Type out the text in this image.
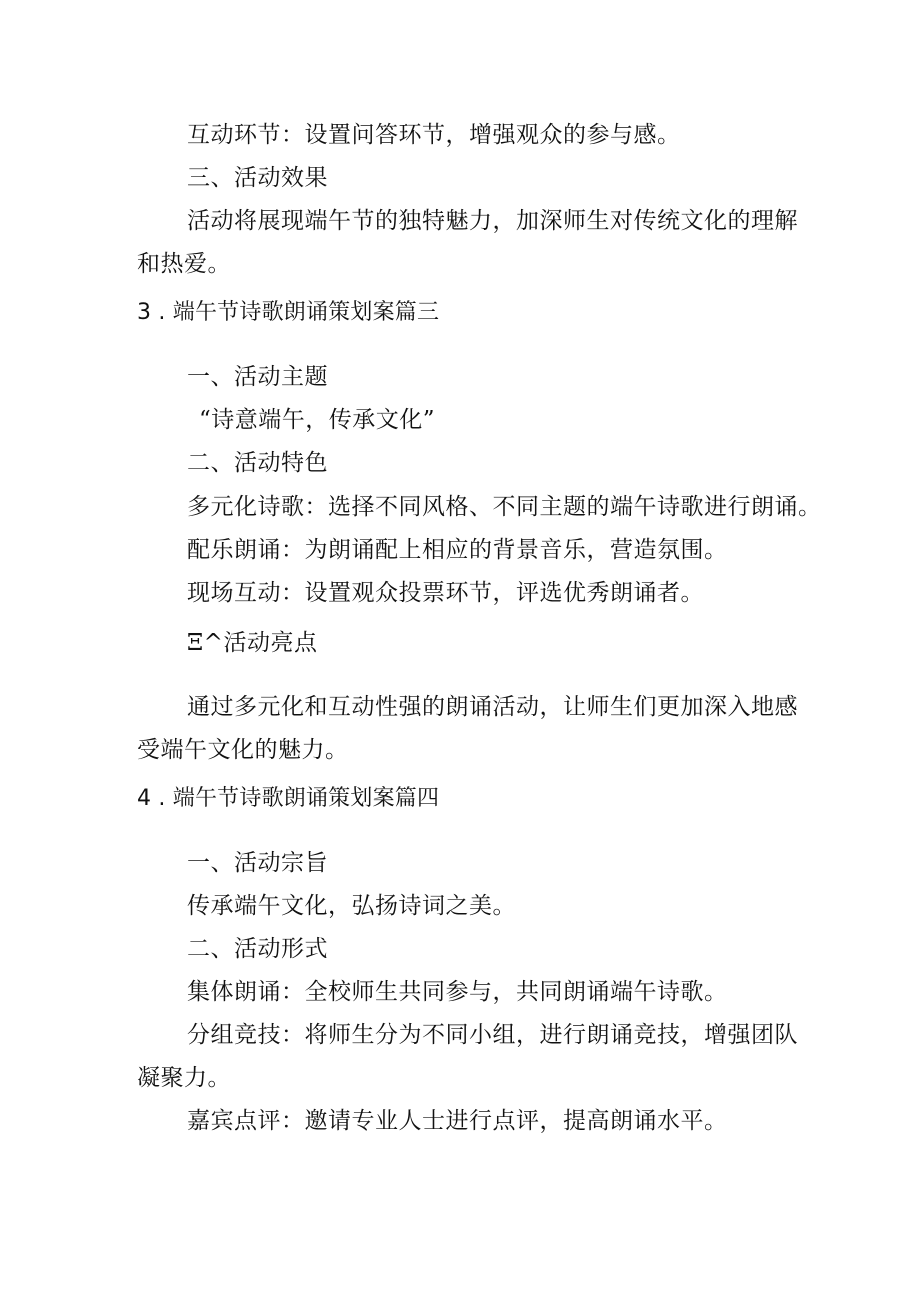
互动环节：设置问答环节，增强观众的参与感。
三、活动效果
活动将展现端午节的独特魅力，加深师生对传统文化的理解
和热爱。
3 . 端午节诗歌朗诵策划案篇三
一、活动主题
“诗意端午，传承文化”
二、活动特色
多元化诗歌：选择不同风格、不同主题的端午诗歌进行朗诵。
配乐朗诵：为朗诵配上相应的背景音乐，营造氛围。
现场互动：设置观众投票环节，评选优秀朗诵者。
Ξ^活动亮点
通过多元化和互动性强的朗诵活动，让师生们更加深入地感
受端午文化的魅力。
4 . 端午节诗歌朗诵策划案篇四
一、活动宗旨
传承端午文化，弘扬诗词之美。
二、活动形式
集体朗诵：全校师生共同参与，共同朗诵端午诗歌。
分组竞技：将师生分为不同小组，进行朗诵竞技，增强团队
凝聚力。
嘉宾点评：邀请专业人士进行点评，提高朗诵水平。
